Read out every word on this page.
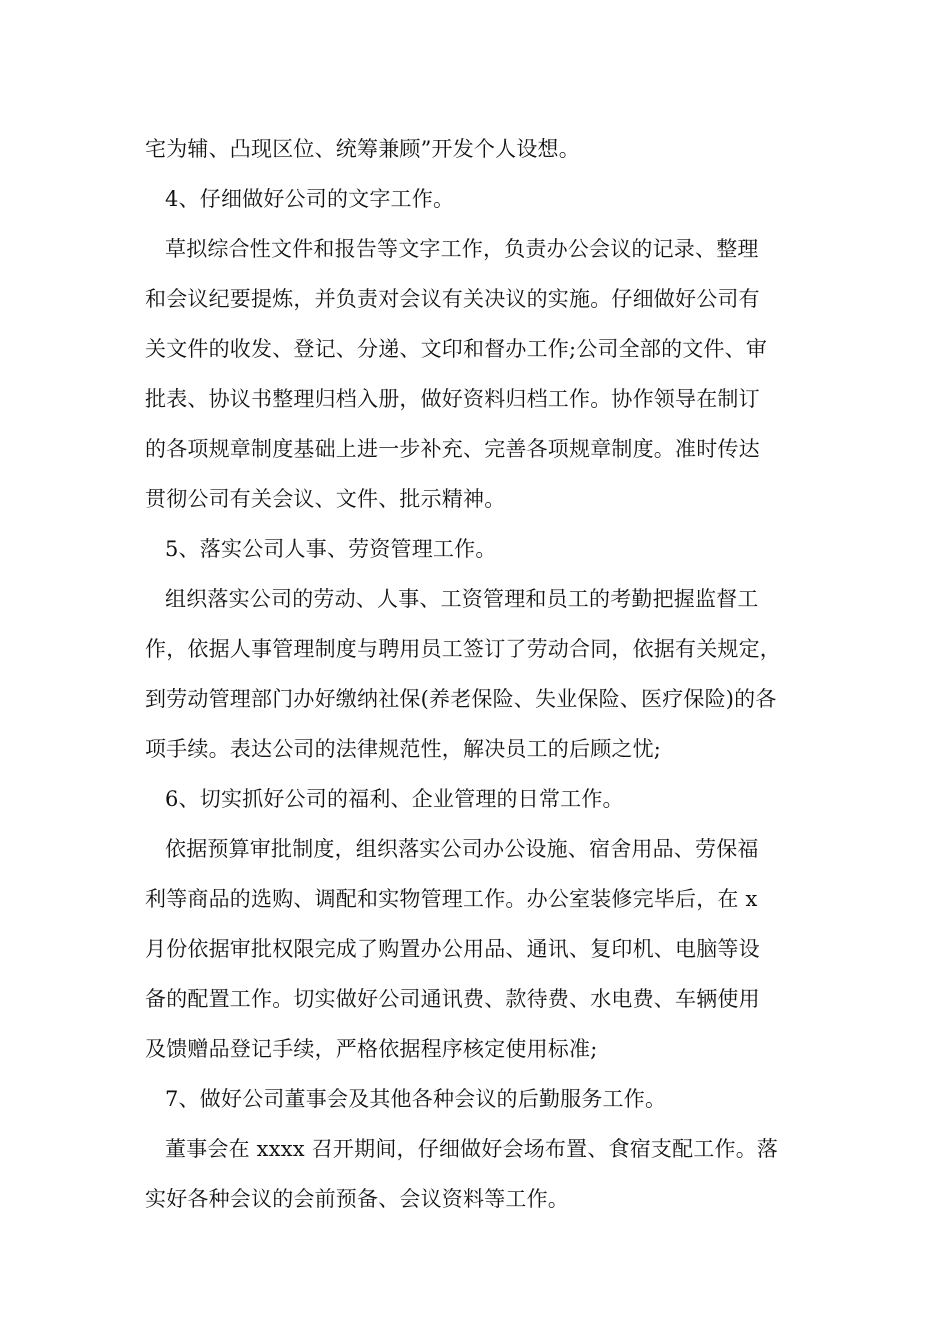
宅为辅、凸现区位、统筹兼顾”开发个人设想。
4、仔细做好公司的文字工作。
草拟综合性文件和报告等文字工作，负责办公会议的记录、整理
和会议纪要提炼，并负责对会议有关决议的实施。仔细做好公司有
关文件的收发、登记、分递、文印和督办工作;公司全部的文件、审
批表、协议书整理归档入册，做好资料归档工作。协作领导在制订
的各项规章制度基础上进一步补充、完善各项规章制度。准时传达
贯彻公司有关会议、文件、批示精神。
5、落实公司人事、劳资管理工作。
组织落实公司的劳动、人事、工资管理和员工的考勤把握监督工
作，依据人事管理制度与聘用员工签订了劳动合同，依据有关规定，
到劳动管理部门办好缴纳社保(养老保险、失业保险、医疗保险)的各
项手续。表达公司的法律规范性，解决员工的后顾之忧;
6、切实抓好公司的福利、企业管理的日常工作。
依据预算审批制度，组织落实公司办公设施、宿舍用品、劳保福
利等商品的选购、调配和实物管理工作。办公室装修完毕后，在 x
月份依据审批权限完成了购置办公用品、通讯、复印机、电脑等设
备的配置工作。切实做好公司通讯费、款待费、水电费、车辆使用
及馈赠品登记手续，严格依据程序核定使用标准;
7、做好公司董事会及其他各种会议的后勤服务工作。
董事会在 xxxx 召开期间，仔细做好会场布置、食宿支配工作。落
实好各种会议的会前预备、会议资料等工作。
